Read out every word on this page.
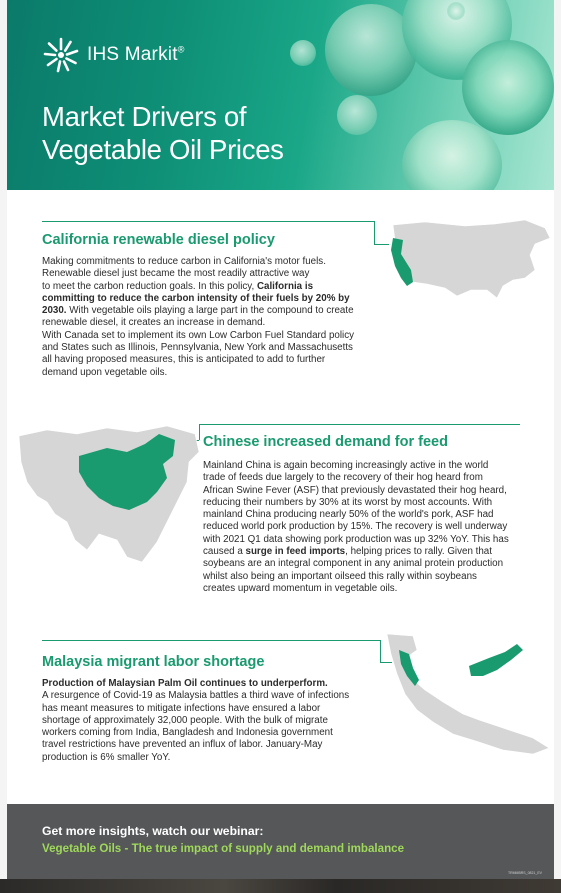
IHS Markit®
Market Drivers of
Vegetable Oil Prices
California renewable diesel policy
Making commitments to reduce carbon in California's motor fuels.
Renewable diesel just became the most readily attractive way
to meet the carbon reduction goals. In this policy, California is committing to reduce the carbon intensity of their fuels by 20% by 2030. With vegetable oils playing a large part in the compound to create renewable diesel, it creates an increase in demand.
With Canada set to implement its own Low Carbon Fuel Standard policy and States such as Illinois, Pennsylvania, New York and Massachusetts all having proposed measures, this is anticipated to add to further demand upon vegetable oils.
Chinese increased demand for feed
Mainland China is again becoming increasingly active in the world trade of feeds due largely to the recovery of their hog heard from African Swine Fever (ASF) that previously devastated their hog heard, reducing their numbers by 30% at its worst by most accounts. With mainland China producing nearly 50% of the world's pork, ASF had reduced world pork production by 15%. The recovery is well underway with 2021 Q1 data showing pork production was up 32% YoY. This has caused a surge in feed imports, helping prices to rally. Given that soybeans are an integral component in any animal protein production whilst also being an important oilseed this rally within soybeans creates upward momentum in vegetable oils.
Malaysia migrant labor shortage
Production of Malaysian Palm Oil continues to underperform.
A resurgence of Covid-19 as Malaysia battles a third wave of infections has meant measures to mitigate infections have ensured a labor shortage of approximately 32,000 people. With the bulk of migrate workers coming from India, Bangladesh and Indonesia government travel restrictions have prevented an influx of labor. January-May production is 6% smaller YoY.
Get more insights, watch our webinar:
Vegetable Oils - The true impact of supply and demand imbalance
TRMMBRS_0821_EV
